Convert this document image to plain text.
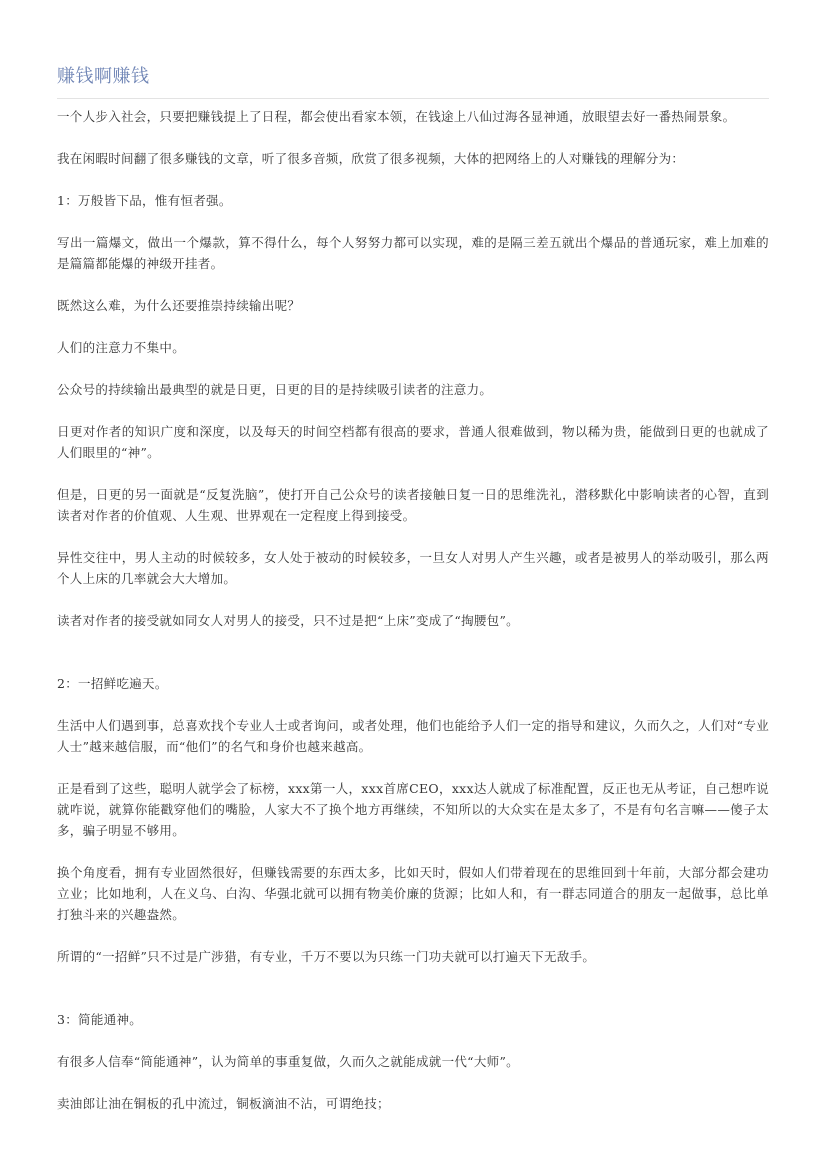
赚钱啊赚钱

一个人步入社会，只要把赚钱提上了日程，都会使出看家本领，在钱途上八仙过海各显神通，放眼望去好一番热闹景象。

我在闲暇时间翻了很多赚钱的文章，听了很多音频，欣赏了很多视频，大体的把网络上的人对赚钱的理解分为：

1：万般皆下品，惟有恒者强。

写出一篇爆文，做出一个爆款，算不得什么，每个人努努力都可以实现，难的是隔三差五就出个爆品的普通玩家，难上加难的是篇篇都能爆的神级开挂者。

既然这么难，为什么还要推崇持续输出呢？

人们的注意力不集中。

公众号的持续输出最典型的就是日更，日更的目的是持续吸引读者的注意力。

日更对作者的知识广度和深度，以及每天的时间空档都有很高的要求，普通人很难做到，物以稀为贵，能做到日更的也就成了人们眼里的“神”。

但是，日更的另一面就是“反复洗脑”，使打开自己公众号的读者接触日复一日的思维洗礼，潜移默化中影响读者的心智，直到读者对作者的价值观、人生观、世界观在一定程度上得到接受。

异性交往中，男人主动的时候较多，女人处于被动的时候较多，一旦女人对男人产生兴趣，或者是被男人的举动吸引，那么两个人上床的几率就会大大增加。

读者对作者的接受就如同女人对男人的接受，只不过是把“上床”变成了“掏腰包”。

2：一招鲜吃遍天。

生活中人们遇到事，总喜欢找个专业人士或者询问，或者处理，他们也能给予人们一定的指导和建议，久而久之，人们对“专业人士”越来越信服，而“他们”的名气和身价也越来越高。

正是看到了这些，聪明人就学会了标榜，xxx第一人，xxx首席CEO，xxx达人就成了标准配置，反正也无从考证，自己想咋说就咋说，就算你能戳穿他们的嘴脸，人家大不了换个地方再继续，不知所以的大众实在是太多了，不是有句名言嘛——傻子太多，骗子明显不够用。

换个角度看，拥有专业固然很好，但赚钱需要的东西太多，比如天时，假如人们带着现在的思维回到十年前，大部分都会建功立业；比如地利，人在义乌、白沟、华强北就可以拥有物美价廉的货源；比如人和，有一群志同道合的朋友一起做事，总比单打独斗来的兴趣盎然。

所谓的“一招鲜”只不过是广涉猎，有专业，千万不要以为只练一门功夫就可以打遍天下无敌手。

3：简能通神。

有很多人信奉“简能通神”，认为简单的事重复做，久而久之就能成就一代“大师”。

卖油郎让油在铜板的孔中流过，铜板滴油不沾，可谓绝技；
